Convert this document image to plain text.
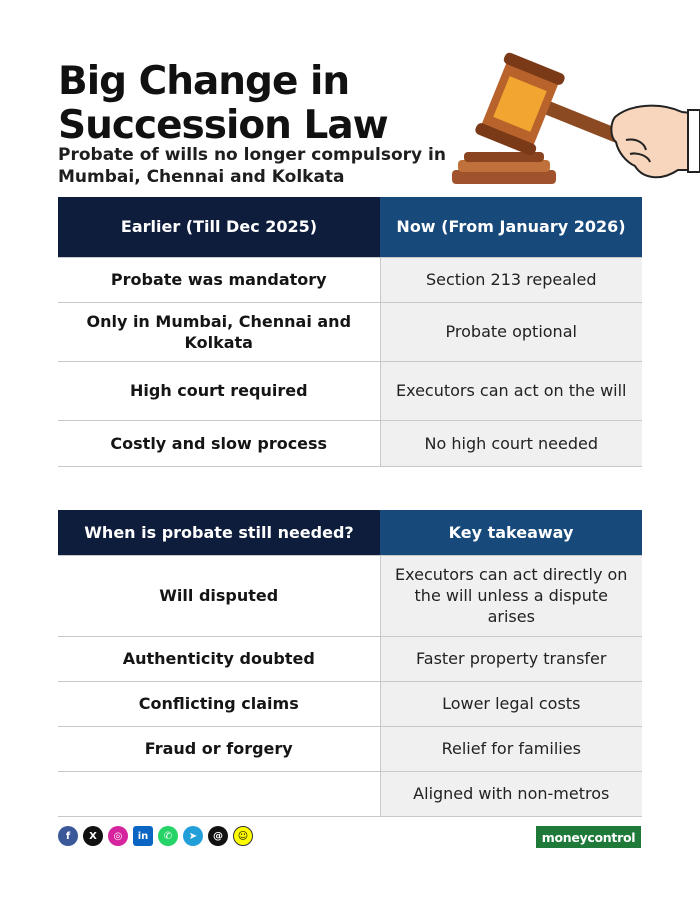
Big Change in Succession Law
Probate of wills no longer compulsory in Mumbai, Chennai and Kolkata
Earlier (Till Dec 2025)	Now (From January 2026)
Probate was mandatory	Section 213 repealed
Only in Mumbai, Chennai and Kolkata	Probate optional
High court required	Executors can act on the will
Costly and slow process	No high court needed
When is probate still needed?	Key takeaway
Will disputed	Executors can act directly on the will unless a dispute arises
Authenticity doubted	Faster property transfer
Conflicting claims	Lower legal costs
Fraud or forgery	Relief for families
	Aligned with non-metros
f	X	◎	in	✆	➤	@	☺	moneycontrol
